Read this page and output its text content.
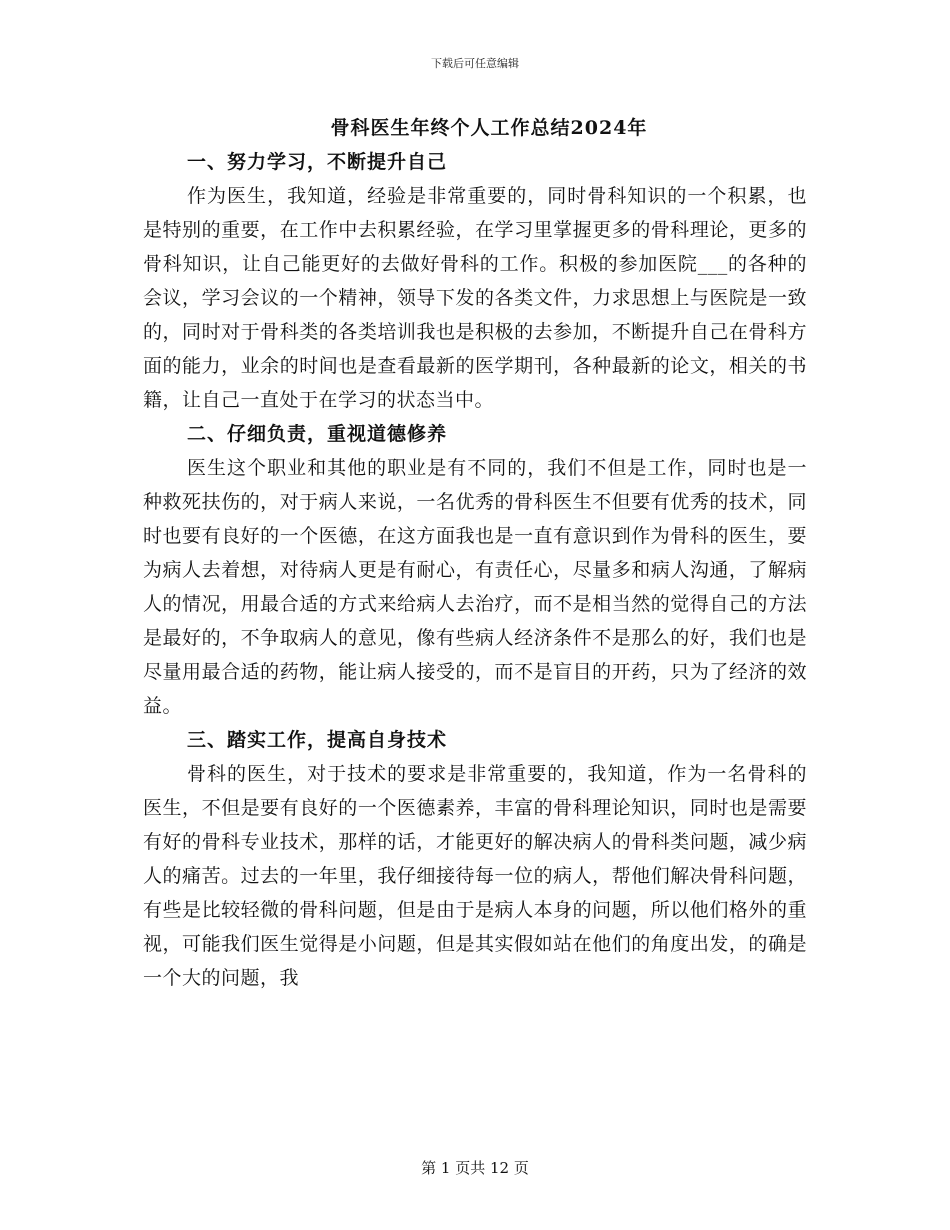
下载后可任意编辑
骨科医生年终个人工作总结2024年
一、努力学习，不断提升自己

作为医生，我知道，经验是非常重要的，同时骨科知识的一个积累，也是特别的重要，在工作中去积累经验，在学习里掌握更多的骨科理论，更多的骨科知识，让自己能更好的去做好骨科的工作。积极的参加医院___的各种的会议，学习会议的一个精神，领导下发的各类文件，力求思想上与医院是一致的，同时对于骨科类的各类培训我也是积极的去参加，不断提升自己在骨科方面的能力，业余的时间也是查看最新的医学期刊，各种最新的论文，相关的书籍，让自己一直处于在学习的状态当中。

二、仔细负责，重视道德修养

医生这个职业和其他的职业是有不同的，我们不但是工作，同时也是一种救死扶伤的，对于病人来说，一名优秀的骨科医生不但要有优秀的技术，同时也要有良好的一个医德，在这方面我也是一直有意识到作为骨科的医生，要为病人去着想，对待病人更是有耐心，有责任心，尽量多和病人沟通，了解病人的情况，用最合适的方式来给病人去治疗，而不是相当然的觉得自己的方法是最好的，不争取病人的意见，像有些病人经济条件不是那么的好，我们也是尽量用最合适的药物，能让病人接受的，而不是盲目的开药，只为了经济的效益。

三、踏实工作，提高自身技术

骨科的医生，对于技术的要求是非常重要的，我知道，作为一名骨科的医生，不但是要有良好的一个医德素养，丰富的骨科理论知识，同时也是需要有好的骨科专业技术，那样的话，才能更好的解决病人的骨科类问题，减少病人的痛苦。过去的一年里，我仔细接待每一位的病人，帮他们解决骨科问题，有些是比较轻微的骨科问题，但是由于是病人本身的问题，所以他们格外的重视，可能我们医生觉得是小问题，但是其实假如站在他们的角度出发，的确是一个大的问题，我

第 1 页共 12 页
